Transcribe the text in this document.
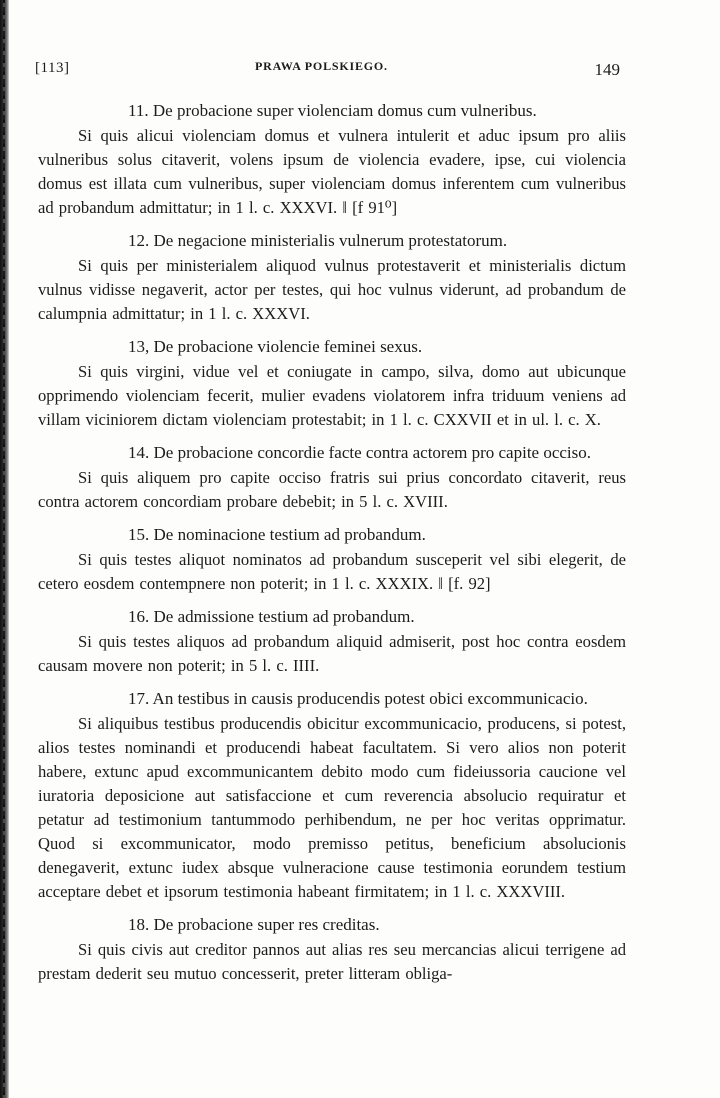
[113]	PRAWA POLSKIEGO.	149

11. De probacione super violenciam domus cum vulneribus.

Si quis alicui violenciam domus et vulnera intulerit et aduc ipsum pro aliis vulneribus solus citaverit, volens ipsum de violencia evadere, ipse, cui violencia domus est illata cum vulneribus, super violenciam domus inferentem cum vulneribus ad probandum admittatur; in 1 l. c. XXXVI. ‖ [f 91⁰]

12. De negacione ministerialis vulnerum protestatorum.

Si quis per ministerialem aliquod vulnus protestaverit et ministerialis dictum vulnus vidisse negaverit, actor per testes, qui hoc vulnus viderunt, ad probandum de calumpnia admittatur; in 1 l. c. XXXVI.

13, De probacione violencie feminei sexus.

Si quis virgini, vidue vel et coniugate in campo, silva, domo aut ubicunque opprimendo violenciam fecerit, mulier evadens violatorem infra triduum veniens ad villam viciniorem dictam violenciam protestabit; in 1 l. c. CXXVII et in ul. l. c. X.

14. De probacione concordie facte contra actorem pro capite occiso.

Si quis aliquem pro capite occiso fratris sui prius concordato citaverit, reus contra actorem concordiam probare debebit; in 5 l. c. XVIII.

15. De nominacione testium ad probandum.

Si quis testes aliquot nominatos ad probandum susceperit vel sibi elegerit, de cetero eosdem contempnere non poterit; in 1 l. c. XXXIX. ‖ [f. 92]

16. De admissione testium ad probandum.

Si quis testes aliquos ad probandum aliquid admiserit, post hoc contra eosdem causam movere non poterit; in 5 l. c. IIII.

17. An testibus in causis producendis potest obici excommunicacio.

Si aliquibus testibus producendis obicitur excommunicacio, producens, si potest, alios testes nominandi et producendi habeat facultatem. Si vero alios non poterit habere, extunc apud excommunicantem debito modo cum fideiussoria caucione vel iuratoria deposicione aut satisfaccione et cum reverencia absolucio requiratur et petatur ad testimonium tantummodo perhibendum, ne per hoc veritas opprimatur. Quod si excommunicator, modo premisso petitus, beneficium absolucionis denegaverit, extunc iudex absque vulneracione cause testimonia eorundem testium acceptare debet et ipsorum testimonia habeant firmitatem; in 1 l. c. XXXVIII.

18. De probacione super res creditas.

Si quis civis aut creditor pannos aut alias res seu mercancias alicui terrigene ad prestam dederit seu mutuo concesserit, preter litteram obliga-
